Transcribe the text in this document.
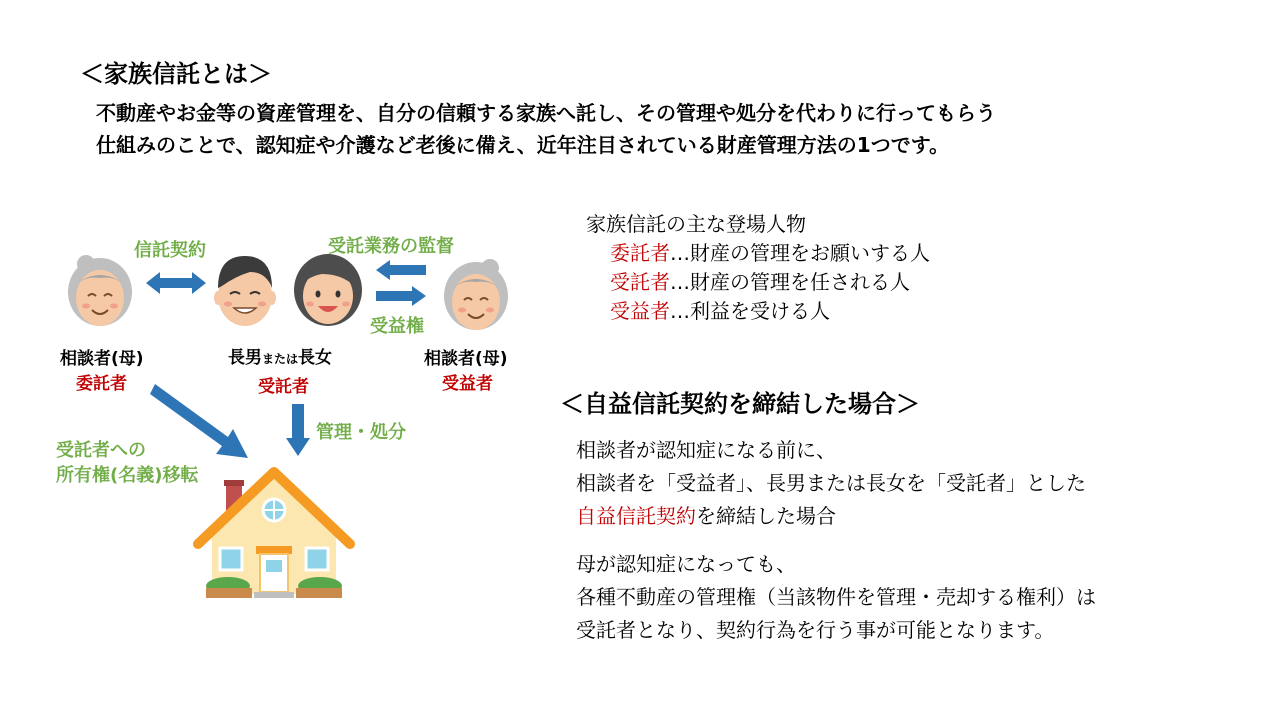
＜家族信託とは＞
不動産やお金等の資産管理を、自分の信頼する家族へ託し、その管理や処分を代わりに行ってもらう
仕組みのことで、認知症や介護など老後に備え、近年注目されている財産管理方法の1つです。
信託契約	受託業務の監督
受益権
受託者への
所有権(名義)移転
管理・処分
相談者(母)
委託者
長男または長女
受託者
相談者(母)
受益者
家族信託の主な登場人物
委託者…財産の管理をお願いする人
受託者…財産の管理を任される人
受益者…利益を受ける人
＜自益信託契約を締結した場合＞
相談者が認知症になる前に、
相談者を「受益者」、長男または長女を「受託者」とした
自益信託契約を締結した場合
母が認知症になっても、
各種不動産の管理権（当該物件を管理・売却する権利）は
受託者となり、契約行為を行う事が可能となります。
